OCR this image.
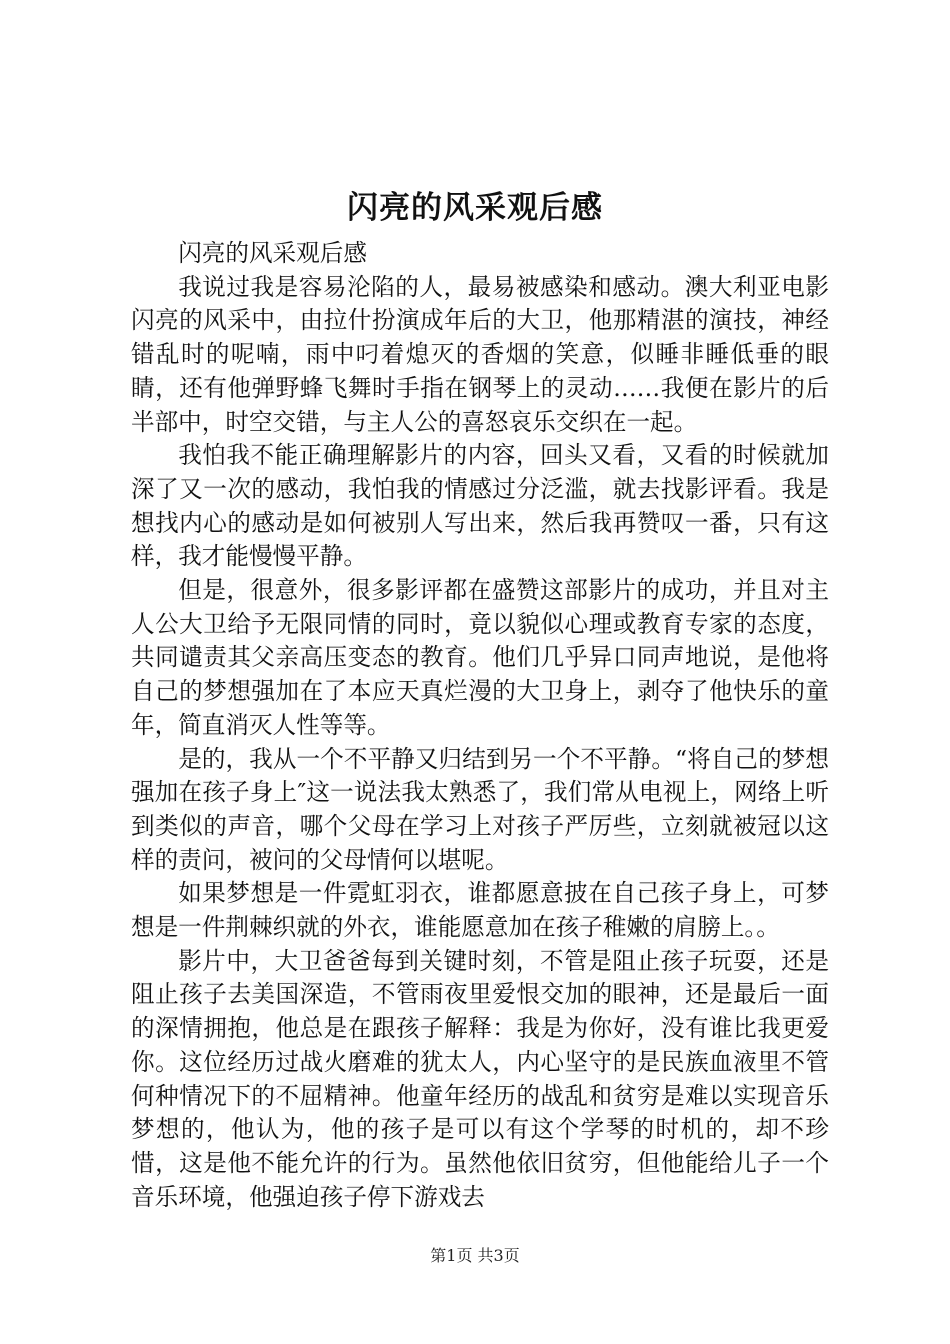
闪亮的风采观后感

闪亮的风采观后感

我说过我是容易沦陷的人，最易被感染和感动。澳大利亚电影闪亮的风采中，由拉什扮演成年后的大卫，他那精湛的演技，神经错乱时的呢喃，雨中叼着熄灭的香烟的笑意，似睡非睡低垂的眼睛，还有他弹野蜂飞舞时手指在钢琴上的灵动……我便在影片的后半部中，时空交错，与主人公的喜怒哀乐交织在一起。

我怕我不能正确理解影片的内容，回头又看，又看的时候就加深了又一次的感动，我怕我的情感过分泛滥，就去找影评看。我是想找内心的感动是如何被别人写出来，然后我再赞叹一番，只有这样，我才能慢慢平静。

但是，很意外，很多影评都在盛赞这部影片的成功，并且对主人公大卫给予无限同情的同时，竟以貌似心理或教育专家的态度，共同谴责其父亲高压变态的教育。他们几乎异口同声地说，是他将自己的梦想强加在了本应天真烂漫的大卫身上，剥夺了他快乐的童年，简直消灭人性等等。

是的，我从一个不平静又归结到另一个不平静。“将自己的梦想强加在孩子身上″这一说法我太熟悉了，我们常从电视上，网络上听到类似的声音，哪个父母在学习上对孩子严厉些，立刻就被冠以这样的责问，被问的父母情何以堪呢。

如果梦想是一件霓虹羽衣，谁都愿意披在自己孩子身上，可梦想是一件荆棘织就的外衣，谁能愿意加在孩子稚嫩的肩膀上。。

影片中，大卫爸爸每到关键时刻，不管是阻止孩子玩耍，还是阻止孩子去美国深造，不管雨夜里爱恨交加的眼神，还是最后一面的深情拥抱，他总是在跟孩子解释：我是为你好，没有谁比我更爱你。这位经历过战火磨难的犹太人，内心坚守的是民族血液里不管何种情况下的不屈精神。他童年经历的战乱和贫穷是难以实现音乐梦想的，他认为，他的孩子是可以有这个学琴的时机的，却不珍惜，这是他不能允许的行为。虽然他依旧贫穷，但他能给儿子一个音乐环境，他强迫孩子停下游戏去

第1页 共3页
